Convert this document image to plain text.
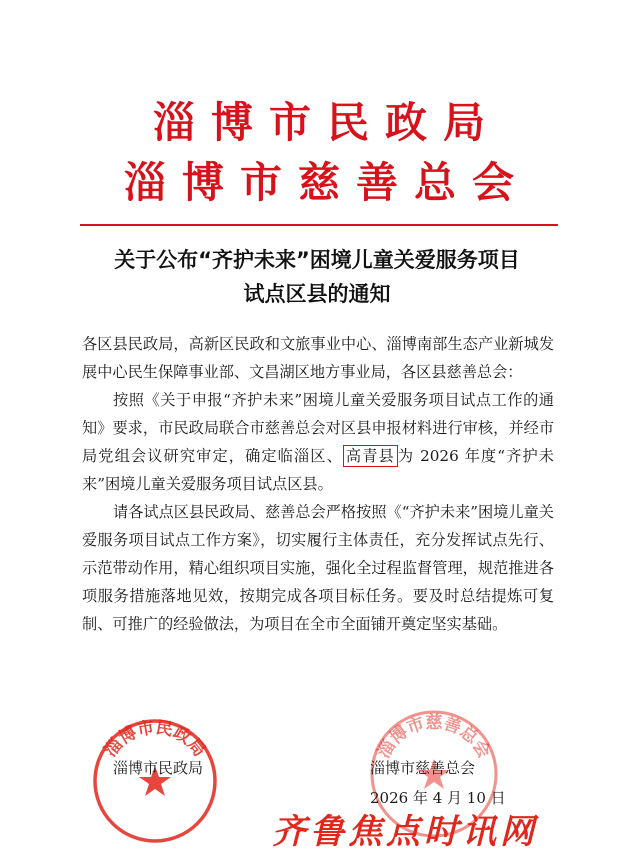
淄博市民政局
淄博市慈善总会
关于公布“齐护未来”困境儿童关爱服务项目
试点区县的通知

各区县民政局，高新区民政和文旅事业中心、淄博南部生态产业新城发展中心民生保障事业部、文昌湖区地方事业局，各区县慈善总会：

按照《关于申报“齐护未来”困境儿童关爱服务项目试点工作的通知》要求，市民政局联合市慈善总会对区县申报材料进行审核，并经市局党组会议研究审定，确定临淄区、 高青县 为 2026 年度“齐护未来”困境儿童关爱服务项目试点区县。

请各试点区县民政局、慈善总会严格按照《“齐护未来”困境儿童关爱服务项目试点工作方案》，切实履行主体责任，充分发挥试点先行、示范带动作用，精心组织项目实施，强化全过程监督管理，规范推进各项服务措施落地见效，按期完成各项目标任务。要及时总结提炼可复制、可推广的经验做法，为项目在全市全面铺开奠定坚实基础。

淄博市民政局	淄博市慈善总会
淄博市民政局	淄博市慈善总会
2026 年 4 月 10 日
齐鲁焦点时讯网
